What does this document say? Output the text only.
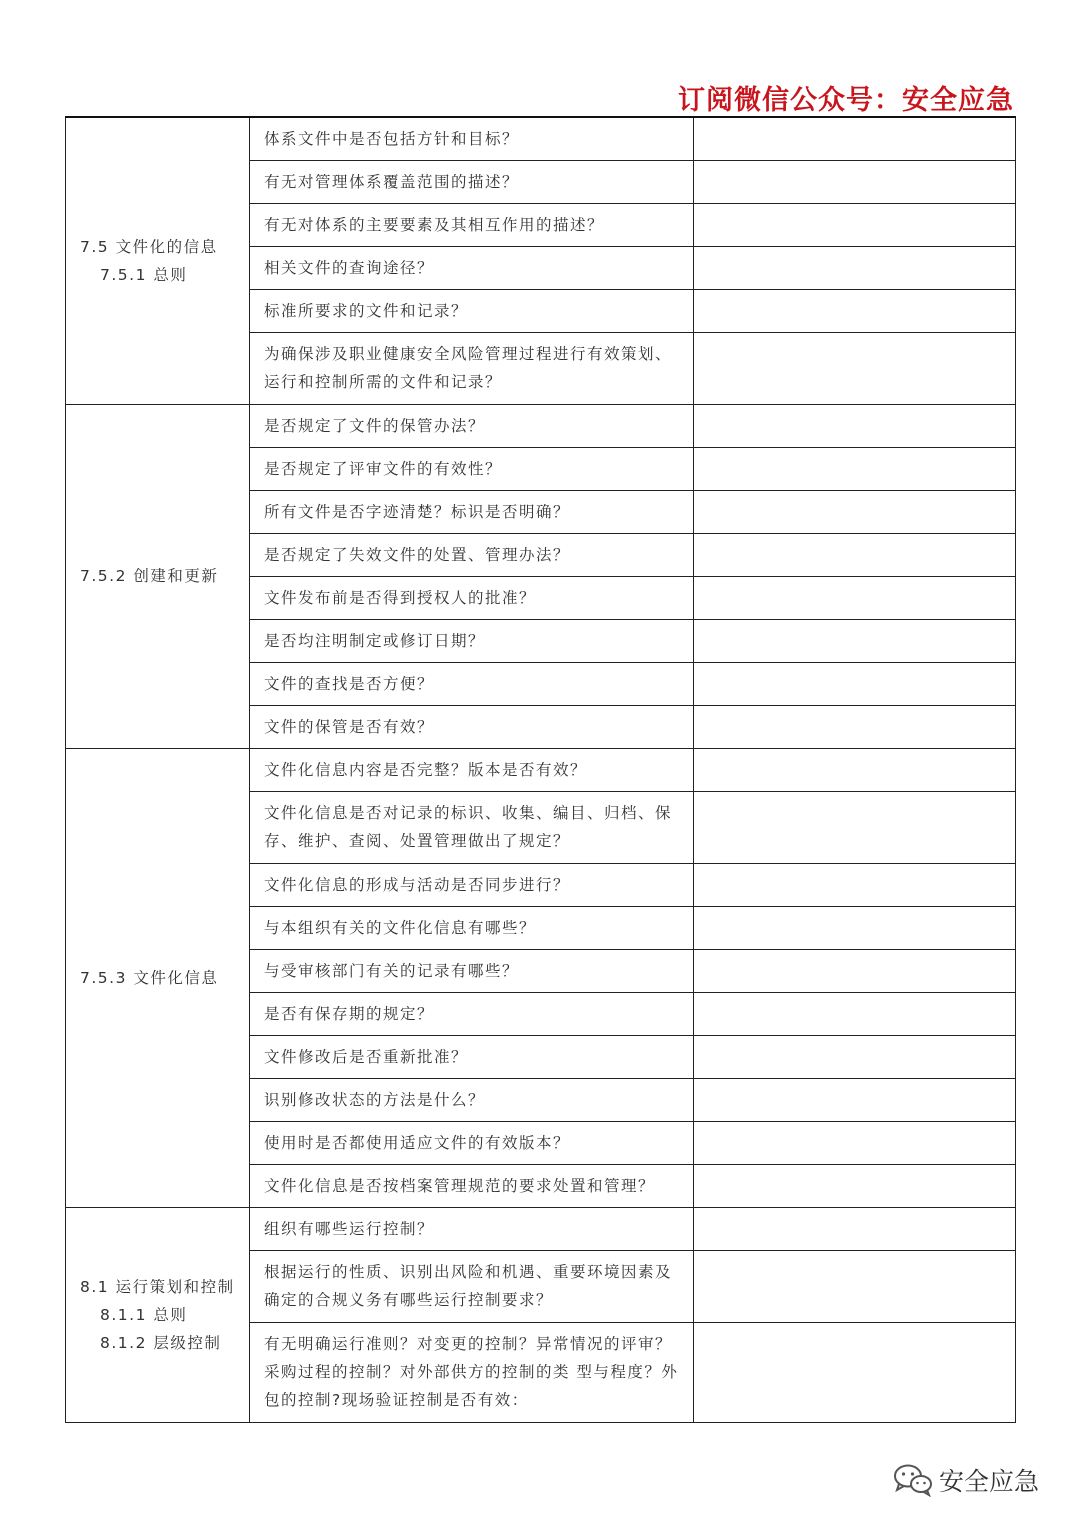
订阅微信公众号：安全应急
7.5 文件化的信息
7.5.1 总则	体系文件中是否包括方针和目标？	
	有无对管理体系覆盖范围的描述？	
	有无对体系的主要要素及其相互作用的描述？	
	相关文件的查询途径？	
	标准所要求的文件和记录？	
	为确保涉及职业健康安全风险管理过程进行有效策划、运行和控制所需的文件和记录？	

7.5.2 创建和更新	是否规定了文件的保管办法？	
	是否规定了评审文件的有效性？	
	所有文件是否字迹清楚？标识是否明确？	
	是否规定了失效文件的处置、管理办法？	
	文件发布前是否得到授权人的批准？	
	是否均注明制定或修订日期？	
	文件的查找是否方便？	
	文件的保管是否有效？	

7.5.3 文件化信息	文件化信息内容是否完整？版本是否有效？	
	文件化信息是否对记录的标识、收集、编目、归档、保存、维护、查阅、处置管理做出了规定？	
	文件化信息的形成与活动是否同步进行？	
	与本组织有关的文件化信息有哪些？	
	与受审核部门有关的记录有哪些？	
	是否有保存期的规定？	
	文件修改后是否重新批准？	
	识别修改状态的方法是什么？	
	使用时是否都使用适应文件的有效版本？	
	文件化信息是否按档案管理规范的要求处置和管理？	

8.1 运行策划和控制
8.1.1 总则
8.1.2 层级控制	组织有哪些运行控制？	
	根据运行的性质、识别出风险和机遇、重要环境因素及确定的合规义务有哪些运行控制要求？	
	有无明确运行准则？对变更的控制？异常情况的评审？采购过程的控制？对外部供方的控制的类 型与程度？外包的控制?现场验证控制是否有效：	
安全应急
